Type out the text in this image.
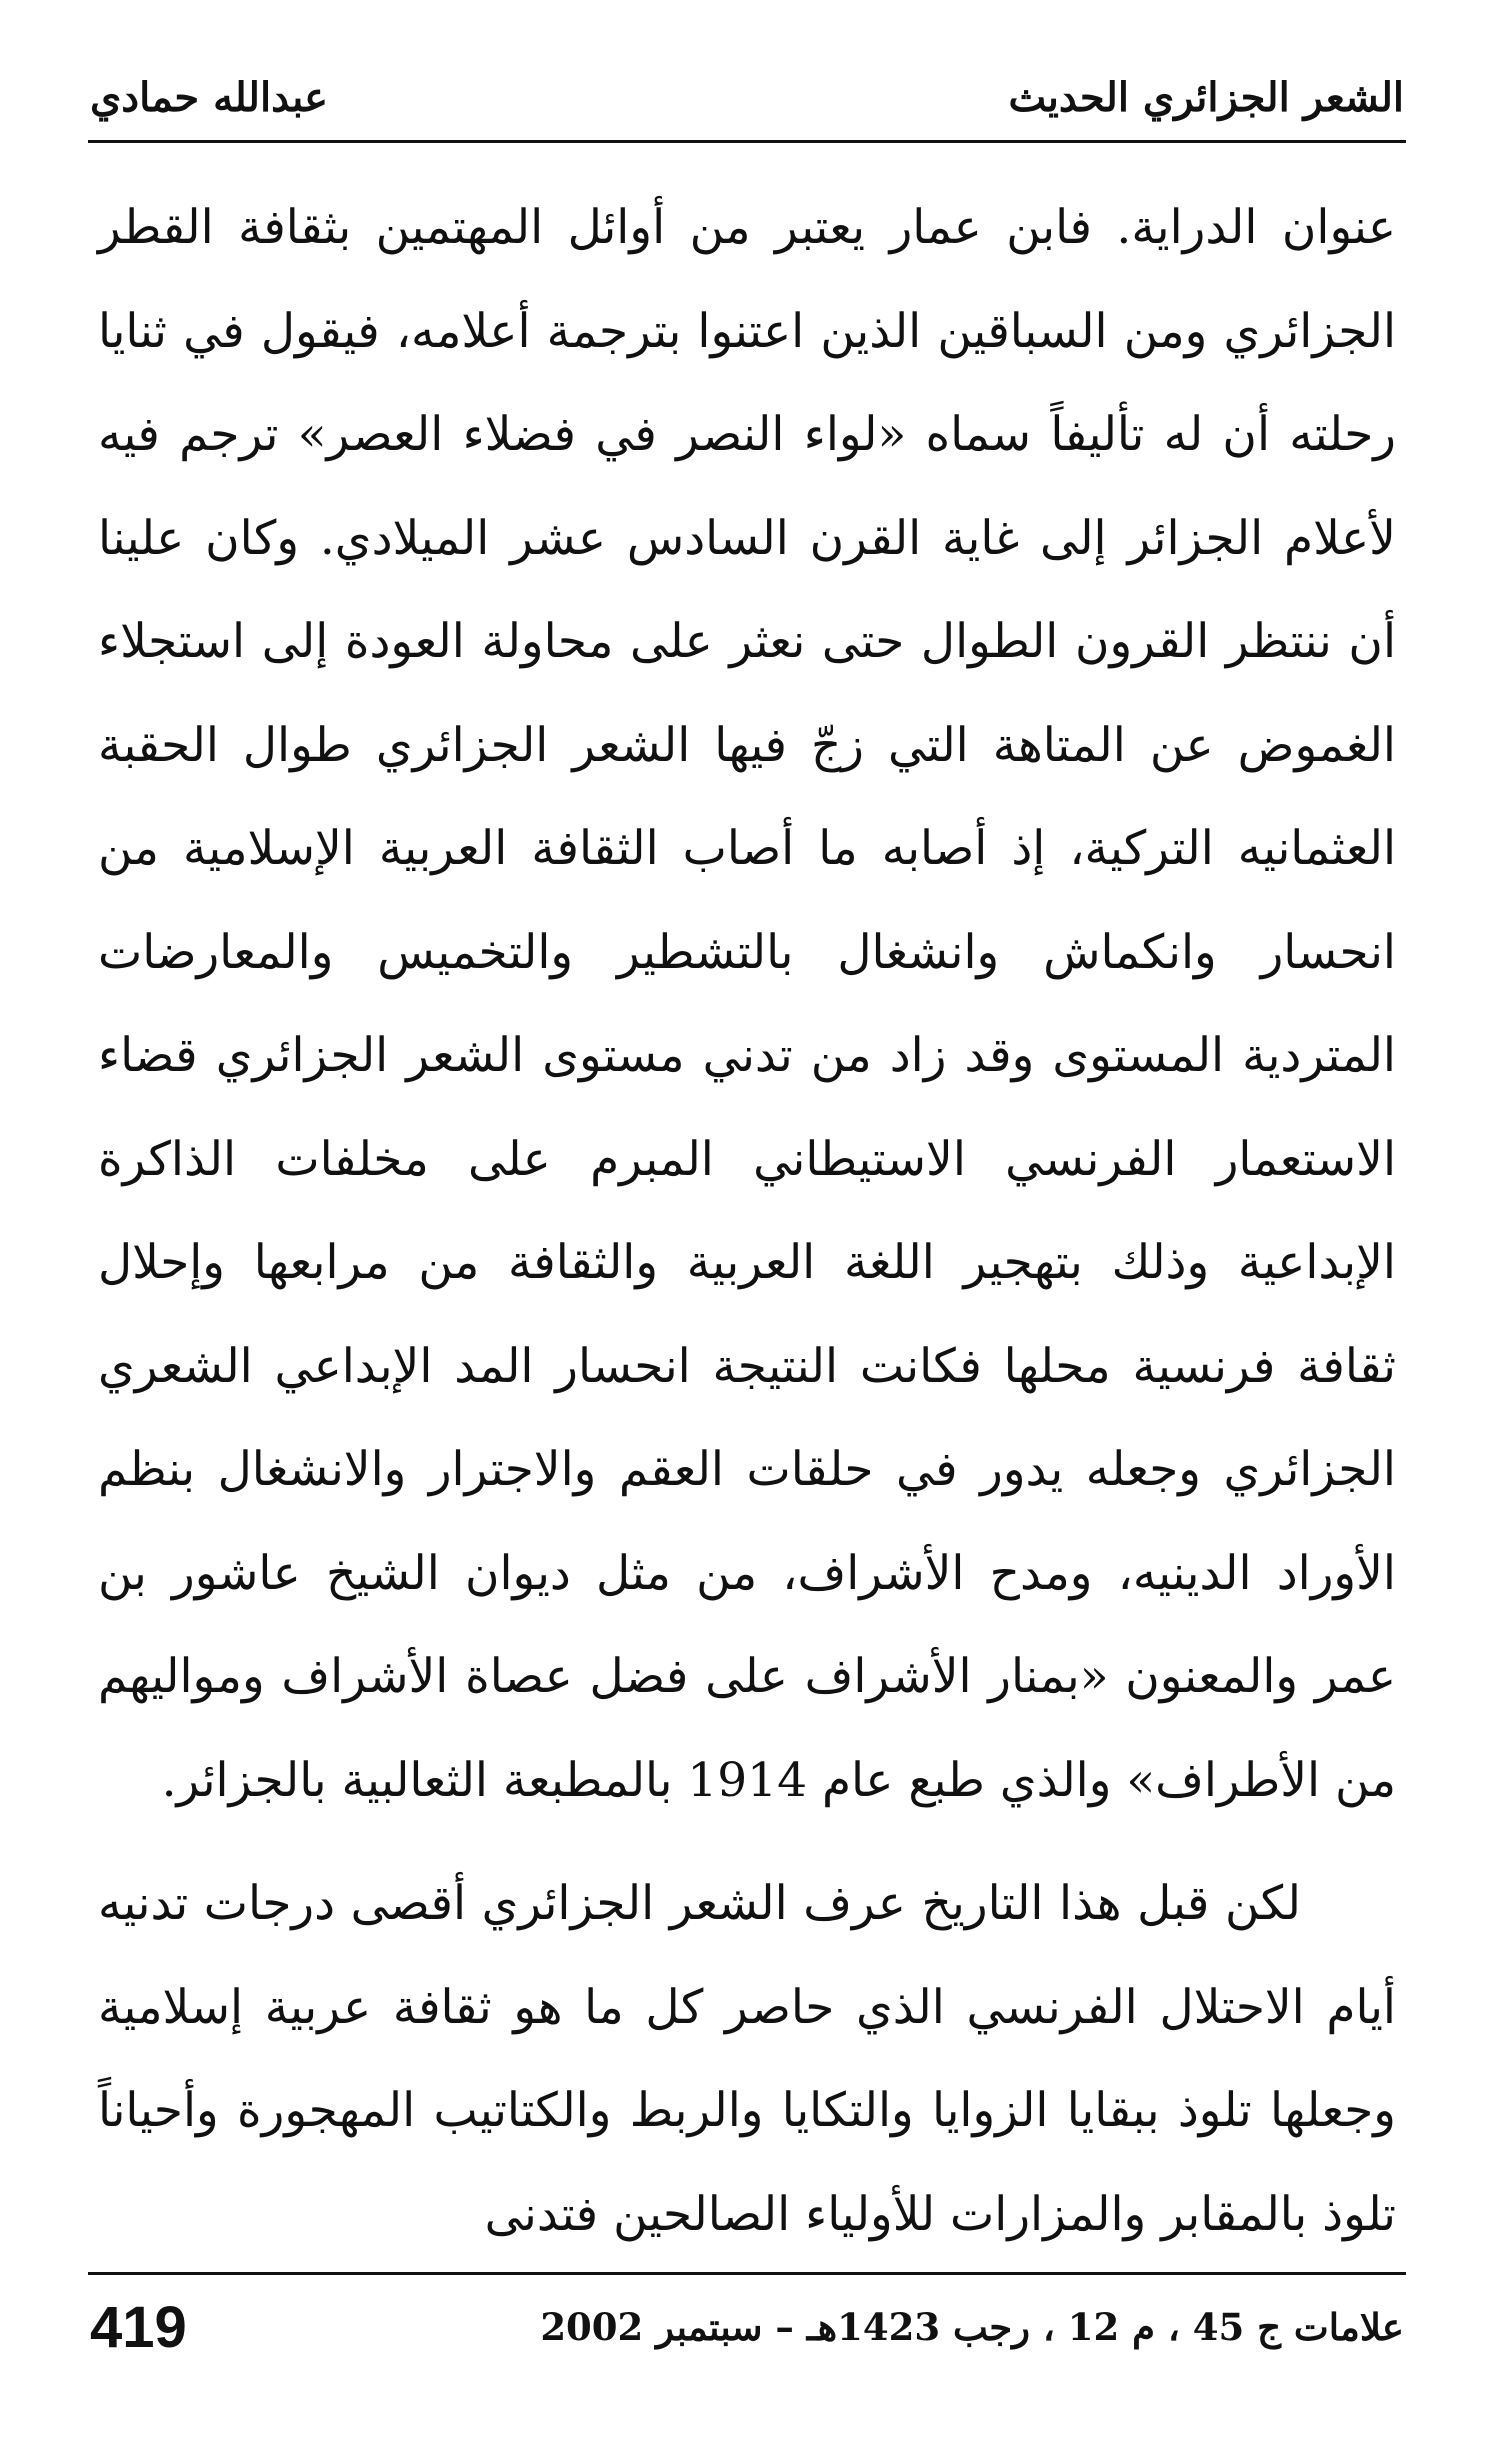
الشعر الجزائري الحديث
عبدالله حمادي

عنوان الدراية. فابن عمار يعتبر من أوائل المهتمين بثقافة القطر الجزائري ومن السباقين الذين اعتنوا بترجمة أعلامه، فيقول في ثنايا رحلته أن له تأليفاً سماه «لواء النصر في فضلاء العصر» ترجم فيه لأعلام الجزائر إلى غاية القرن السادس عشر الميلادي. وكان علينا أن ننتظر القرون الطوال حتى نعثر على محاولة العودة إلى استجلاء الغموض عن المتاهة التي زجّ فيها الشعر الجزائري طوال الحقبة العثمانيه التركية، إذ أصابه ما أصاب الثقافة العربية الإسلامية من انحسار وانكماش وانشغال بالتشطير والتخميس والمعارضات المتردية المستوى وقد زاد من تدني مستوى الشعر الجزائري قضاء الاستعمار الفرنسي الاستيطاني المبرم على مخلفات الذاكرة الإبداعية وذلك بتهجير اللغة العربية والثقافة من مرابعها وإحلال ثقافة فرنسية محلها فكانت النتيجة انحسار المد الإبداعي الشعري الجزائري وجعله يدور في حلقات العقم والاجترار والانشغال بنظم الأوراد الدينيه، ومدح الأشراف، من مثل ديوان الشيخ عاشور بن عمر والمعنون «بمنار الأشراف على فضل عصاة الأشراف ومواليهم من الأطراف» والذي طبع عام 1914 بالمطبعة الثعالبية بالجزائر.

لكن قبل هذا التاريخ عرف الشعر الجزائري أقصى درجات تدنيه أيام الاحتلال الفرنسي الذي حاصر كل ما هو ثقافة عربية إسلامية وجعلها تلوذ ببقايا الزوايا والتكايا والربط والكتاتيب المهجورة وأحياناً تلوذ بالمقابر والمزارات للأولياء الصالحين فتدنى

علامات ج 45 ، م 12 ، رجب 1423هـ – سبتمبر 2002
419
